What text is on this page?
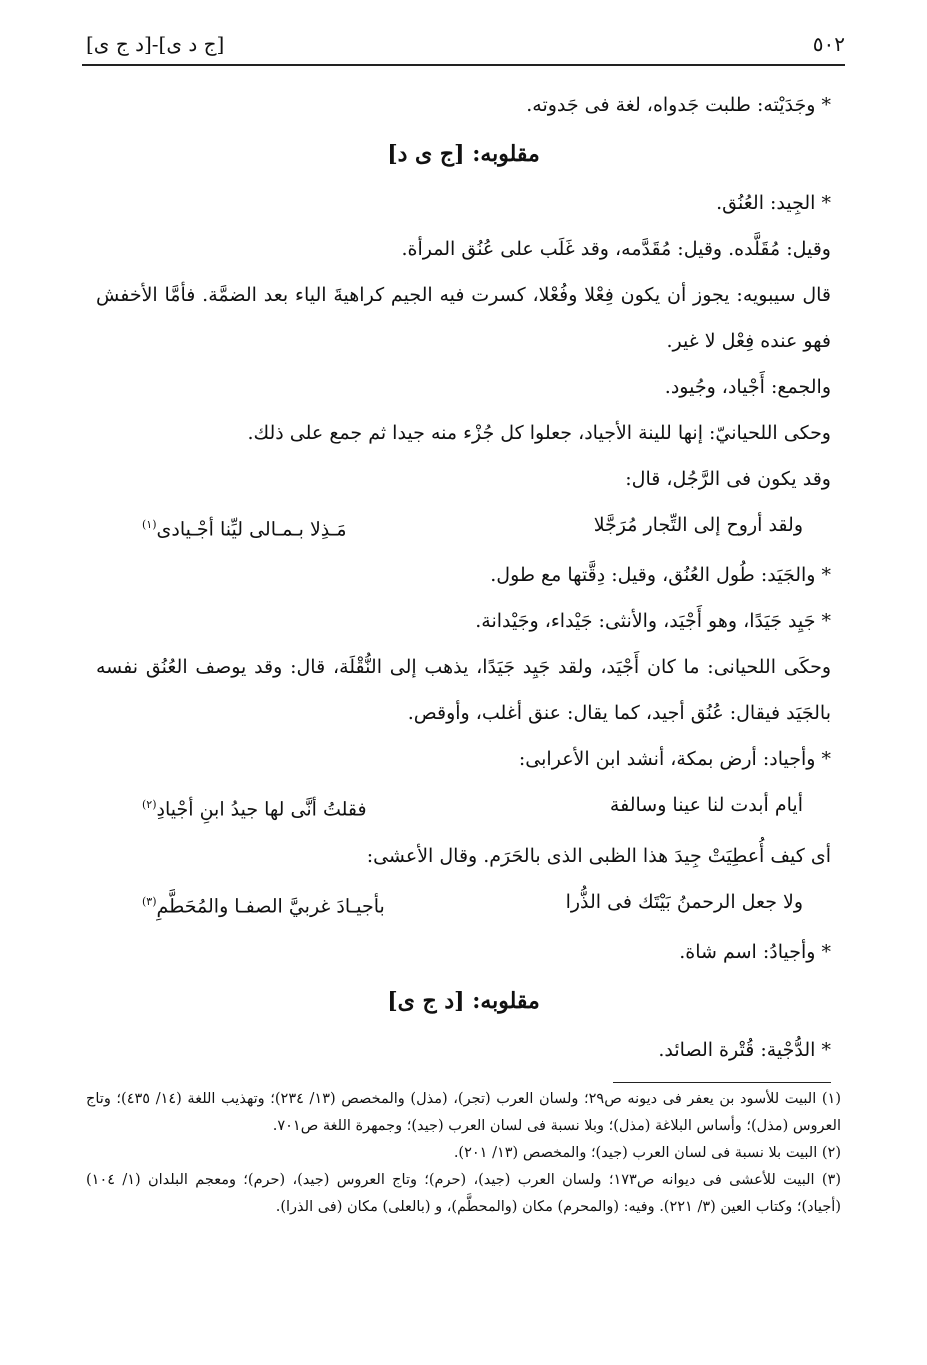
٥٠٢
[ج د ى]-[د ج ى]

* وجَدَيْته: طلبت جَدواه، لغة فى جَدوته.

مقلوبه: [ج ى د]

* الجِيد: العُنُق.

وقيل: مُقَلَّده. وقيل: مُقَدَّمه، وقد غَلَب على عُنُق المرأة.

قال سيبويه: يجوز أن يكون فِعْلا وفُعْلا، كسرت فيه الجيم كراهيةَ الياء بعد الضمَّة. فأمَّا الأخفش فهو عنده فِعْل لا غير.

والجمع: أَجْياد، وجُيود.

وحكى اللحيانيّ: إنها للينة الأجياد، جعلوا كل جُزْء منه جيدا ثم جمع على ذلك.

وقد يكون فى الرَّجُل، قال:

ولقد أروح إلى التِّجار مُرَجَّلا
مَـذِلا بـمـالى ليِّنا أجْـيادى$^{(١)}$

* والجَيَد: طُول العُنُق، وقيل: دِقَّتها مع طول.

* جَيِد جَيَدًا، وهو أَجْيَد، والأنثى: جَيْداء، وجَيْدانة.

وحكَى اللحيانى: ما كان أَجْيَد، ولقد جَيِد جَيَدًا، يذهب إلى النُّقْلَة، قال: وقد يوصف العُنُق نفسه بالجَيَد فيقال: عُنُق أجيد، كما يقال: عنق أغلب، وأوقص.

* وأجياد: أرض بمكة، أنشد ابن الأعرابى:

أيام أبدت لنا عينا وسالفة
فقلتُ أنَّى لها جيدُ ابنِ أجْيادِ$^{(٢)}$

أى كيف أُعطِيَتْ جِيدَ هذا الظبى الذى بالحَرَم. وقال الأعشى:

ولا جعل الرحمنُ بَيْتَك فى الذُّرا
بأجيـادَ غربيَّ الصفـا والمُحَطَّمِ$^{(٣)}$

* وأجيادُ: اسم شاة.

مقلوبه: [د ج ى]

* الدُّجْية: قُتْرة الصائد.

(١) البيت للأسود بن يعفر فى ديونه ص٢٩؛ ولسان العرب (تجر)، (مذل) والمخصص (١٣/ ٢٣٤)؛ وتهذيب اللغة (١٤/ ٤٣٥)؛ وتاج العروس (مذل)؛ وأساس البلاغة (مذل)؛ وبلا نسبة فى لسان العرب (جيد)؛ وجمهرة اللغة ص٧٠١.

(٢) البيت بلا نسبة فى لسان العرب (جيد)؛ والمخصص (١٣/ ٢٠١).

(٣) البيت للأعشى فى ديوانه ص١٧٣؛ ولسان العرب (جيد)، (حرم)؛ وتاج العروس (جيد)، (حرم)؛ ومعجم البلدان (١/ ١٠٤) (أجياد)؛ وكتاب العين (٣/ ٢٢١). وفيه: (والمحرم) مكان (والمحطَّم)، و (بالعلى) مكان (فى الذرا).
